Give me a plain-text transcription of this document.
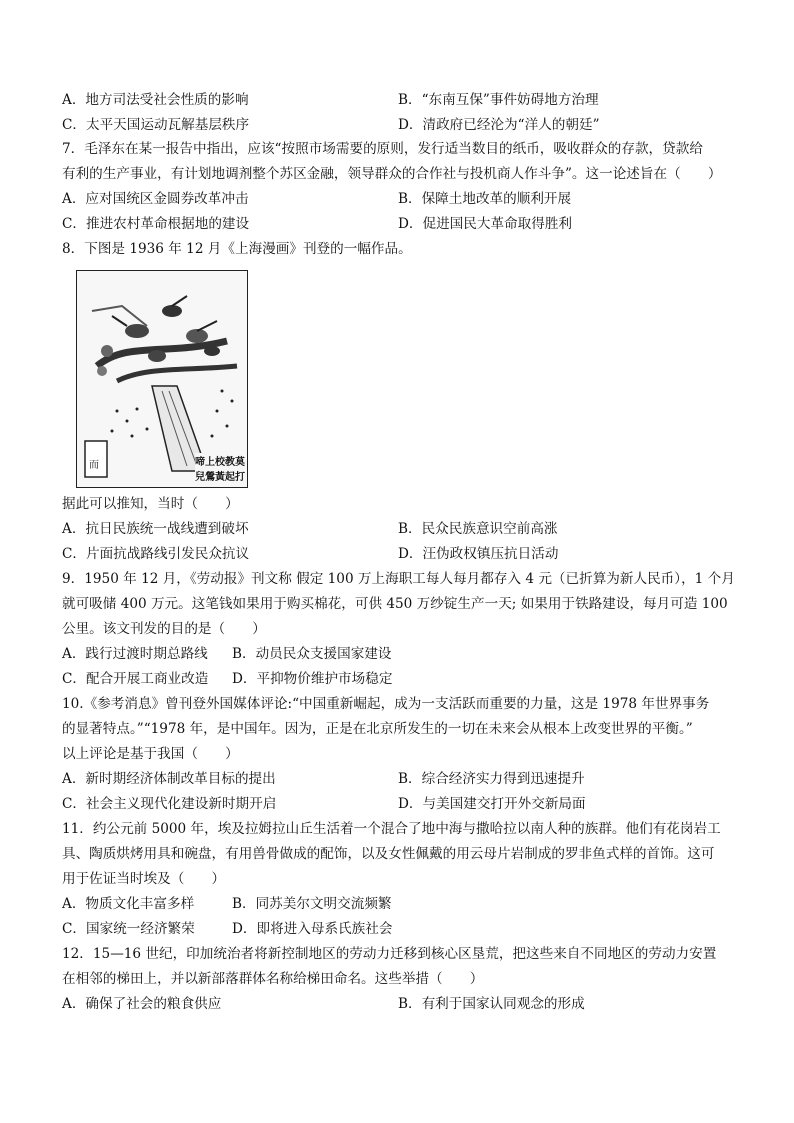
A．地方司法受社会性质的影响	B．“东南互保”事件妨碍地方治理
C．太平天国运动瓦解基层秩序	D．清政府已经沦为“洋人的朝廷”
7．毛泽东在某一报告中指出，应该“按照市场需要的原则，发行适当数目的纸币，吸收群众的存款，贷款给
有利的生产事业，有计划地调剂整个苏区金融，领导群众的合作社与投机商人作斗争”。这一论述旨在（　　）
A．应对国统区金圆券改革冲击	B．保障土地改革的顺利开展
C．推进农村革命根据地的建设	D．促进国民大革命取得胜利
8．下图是 1936 年 12 月《上海漫画》刊登的一幅作品。
而	啼上校教莫兒鶯黃起打
据此可以推知，当时（　　）
A．抗日民族统一战线遭到破坏	B．民众民族意识空前高涨
C．片面抗战路线引发民众抗议	D．汪伪政权镇压抗日活动
9．1950 年 12 月，《劳动报》刊文称 假定 100 万上海职工每人每月都存入 4 元（已折算为新人民币），1 个月
就可吸储 400 万元。这笔钱如果用于购买棉花，可供 450 万纱锭生产一天; 如果用于铁路建设，每月可造 100
公里。该文刊发的目的是（　　）
A．践行过渡时期总路线 B．动员民众支援国家建设
C．配合开展工商业改造 D．平抑物价维护市场稳定
10.《参考消息》曾刊登外国媒体评论:“中国重新崛起，成为一支活跃而重要的力量，这是 1978 年世界事务
的显著特点。”“1978 年，是中国年。因为，正是在北京所发生的一切在未来会从根本上改变世界的平衡。”
以上评论是基于我国（　　）
A．新时期经济体制改革目标的提出	B．综合经济实力得到迅速提升
C．社会主义现代化建设新时期开启	D．与美国建交打开外交新局面
11．约公元前 5000 年，埃及拉姆拉山丘生活着一个混合了地中海与撒哈拉以南人种的族群。他们有花岗岩工
具、陶质烘烤用具和碗盘，有用兽骨做成的配饰，以及女性佩戴的用云母片岩制成的罗非鱼式样的首饰。这可
用于佐证当时埃及（　　）
A．物质文化丰富多样	B．同苏美尔文明交流频繁
C．国家统一经济繁荣	D．即将进入母系氏族社会
12．15—16 世纪，印加统治者将新控制地区的劳动力迁移到核心区垦荒，把这些来自不同地区的劳动力安置
在相邻的梯田上，并以新部落群体名称给梯田命名。这些举措（　　）
A．确保了社会的粮食供应	B．有利于国家认同观念的形成
